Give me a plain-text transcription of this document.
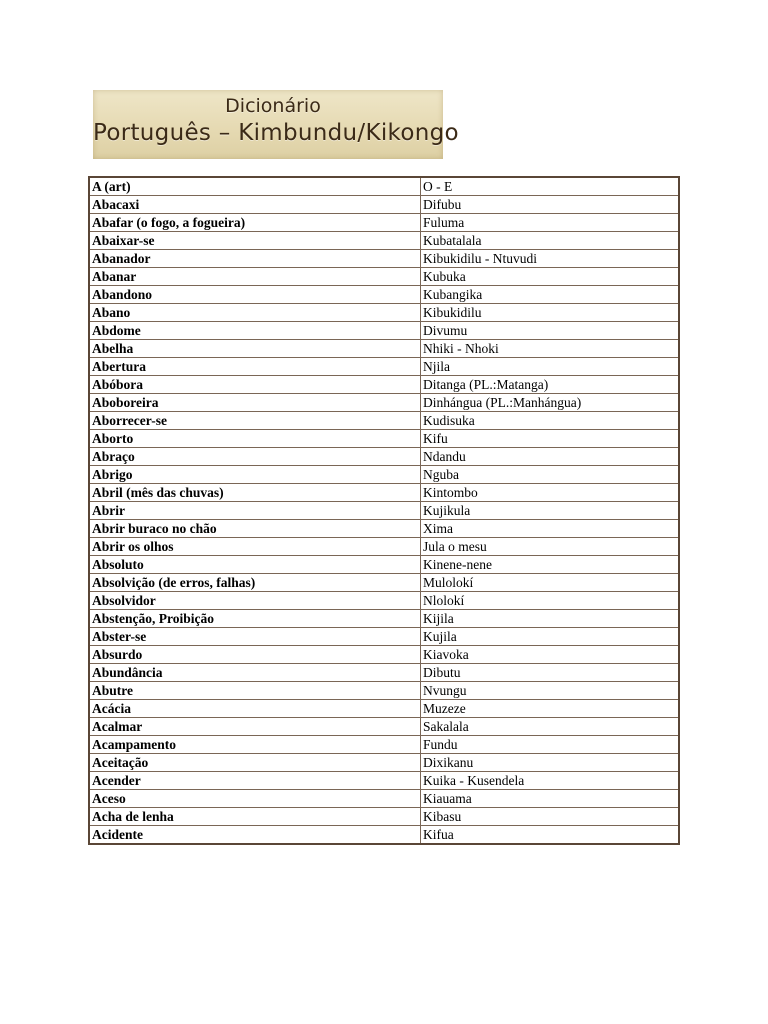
Dicionário
Português – Kimbundu/Kikongo
A (art)	O - E
Abacaxi	Difubu
Abafar (o fogo, a fogueira)	Fuluma
Abaixar-se	Kubatalala
Abanador	Kibukidilu - Ntuvudi
Abanar	Kubuka
Abandono	Kubangika
Abano	Kibukidilu
Abdome	Divumu
Abelha	Nhiki - Nhoki
Abertura	Njila
Abóbora	Ditanga (PL.:Matanga)
Aboboreira	Dinhángua (PL.:Manhángua)
Aborrecer-se	Kudisuka
Aborto	Kifu
Abraço	Ndandu
Abrigo	Nguba
Abril (mês das chuvas)	Kintombo
Abrir	Kujikula
Abrir buraco no chão	Xima
Abrir os olhos	Jula o mesu
Absoluto	Kinene-nene
Absolvição (de erros, falhas)	Mulolokí
Absolvidor	Nlolokí
Abstenção, Proibição	Kijila
Abster-se	Kujila
Absurdo	Kiavoka
Abundância	Dibutu
Abutre	Nvungu
Acácia	Muzeze
Acalmar	Sakalala
Acampamento	Fundu
Aceitação	Dixikanu
Acender	Kuika - Kusendela
Aceso	Kiauama
Acha de lenha	Kibasu
Acidente	Kifua
